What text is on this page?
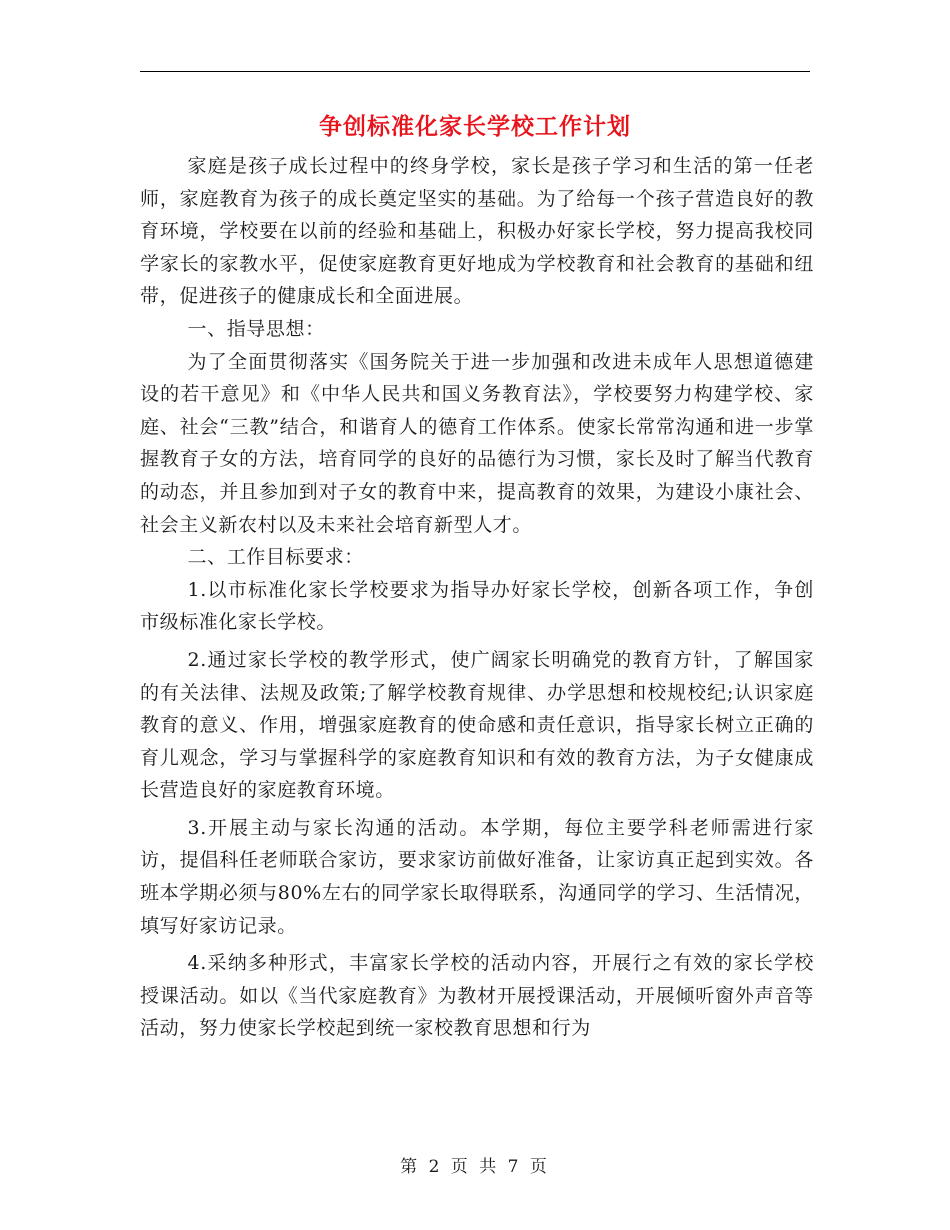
争创标准化家长学校工作计划

家庭是孩子成长过程中的终身学校，家长是孩子学习和生活的第一任老师，家庭教育为孩子的成长奠定坚实的基础。为了给每一个孩子营造良好的教育环境，学校要在以前的经验和基础上，积极办好家长学校，努力提高我校同学家长的家教水平，促使家庭教育更好地成为学校教育和社会教育的基础和纽带，促进孩子的健康成长和全面进展。

一、指导思想：

为了全面贯彻落实《国务院关于进一步加强和改进未成年人思想道德建设的若干意见》和《中华人民共和国义务教育法》，学校要努力构建学校、家庭、社会“三教”结合，和谐育人的德育工作体系。使家长常常沟通和进一步掌握教育子女的方法，培育同学的良好的品德行为习惯，家长及时了解当代教育的动态，并且参加到对子女的教育中来，提高教育的效果，为建设小康社会、社会主义新农村以及未来社会培育新型人才。

二、工作目标要求：

1.以市标准化家长学校要求为指导办好家长学校，创新各项工作，争创市级标准化家长学校。

2.通过家长学校的教学形式，使广阔家长明确党的教育方针，了解国家的有关法律、法规及政策;了解学校教育规律、办学思想和校规校纪;认识家庭教育的意义、作用，增强家庭教育的使命感和责任意识，指导家长树立正确的育儿观念，学习与掌握科学的家庭教育知识和有效的教育方法，为子女健康成长营造良好的家庭教育环境。

3.开展主动与家长沟通的活动。本学期，每位主要学科老师需进行家访，提倡科任老师联合家访，要求家访前做好准备，让家访真正起到实效。各班本学期必须与80%左右的同学家长取得联系，沟通同学的学习、生活情况，填写好家访记录。

4.采纳多种形式，丰富家长学校的活动内容，开展行之有效的家长学校授课活动。如以《当代家庭教育》为教材开展授课活动，开展倾听窗外声音等活动，努力使家长学校起到统一家校教育思想和行为

第 2 页 共 7 页
